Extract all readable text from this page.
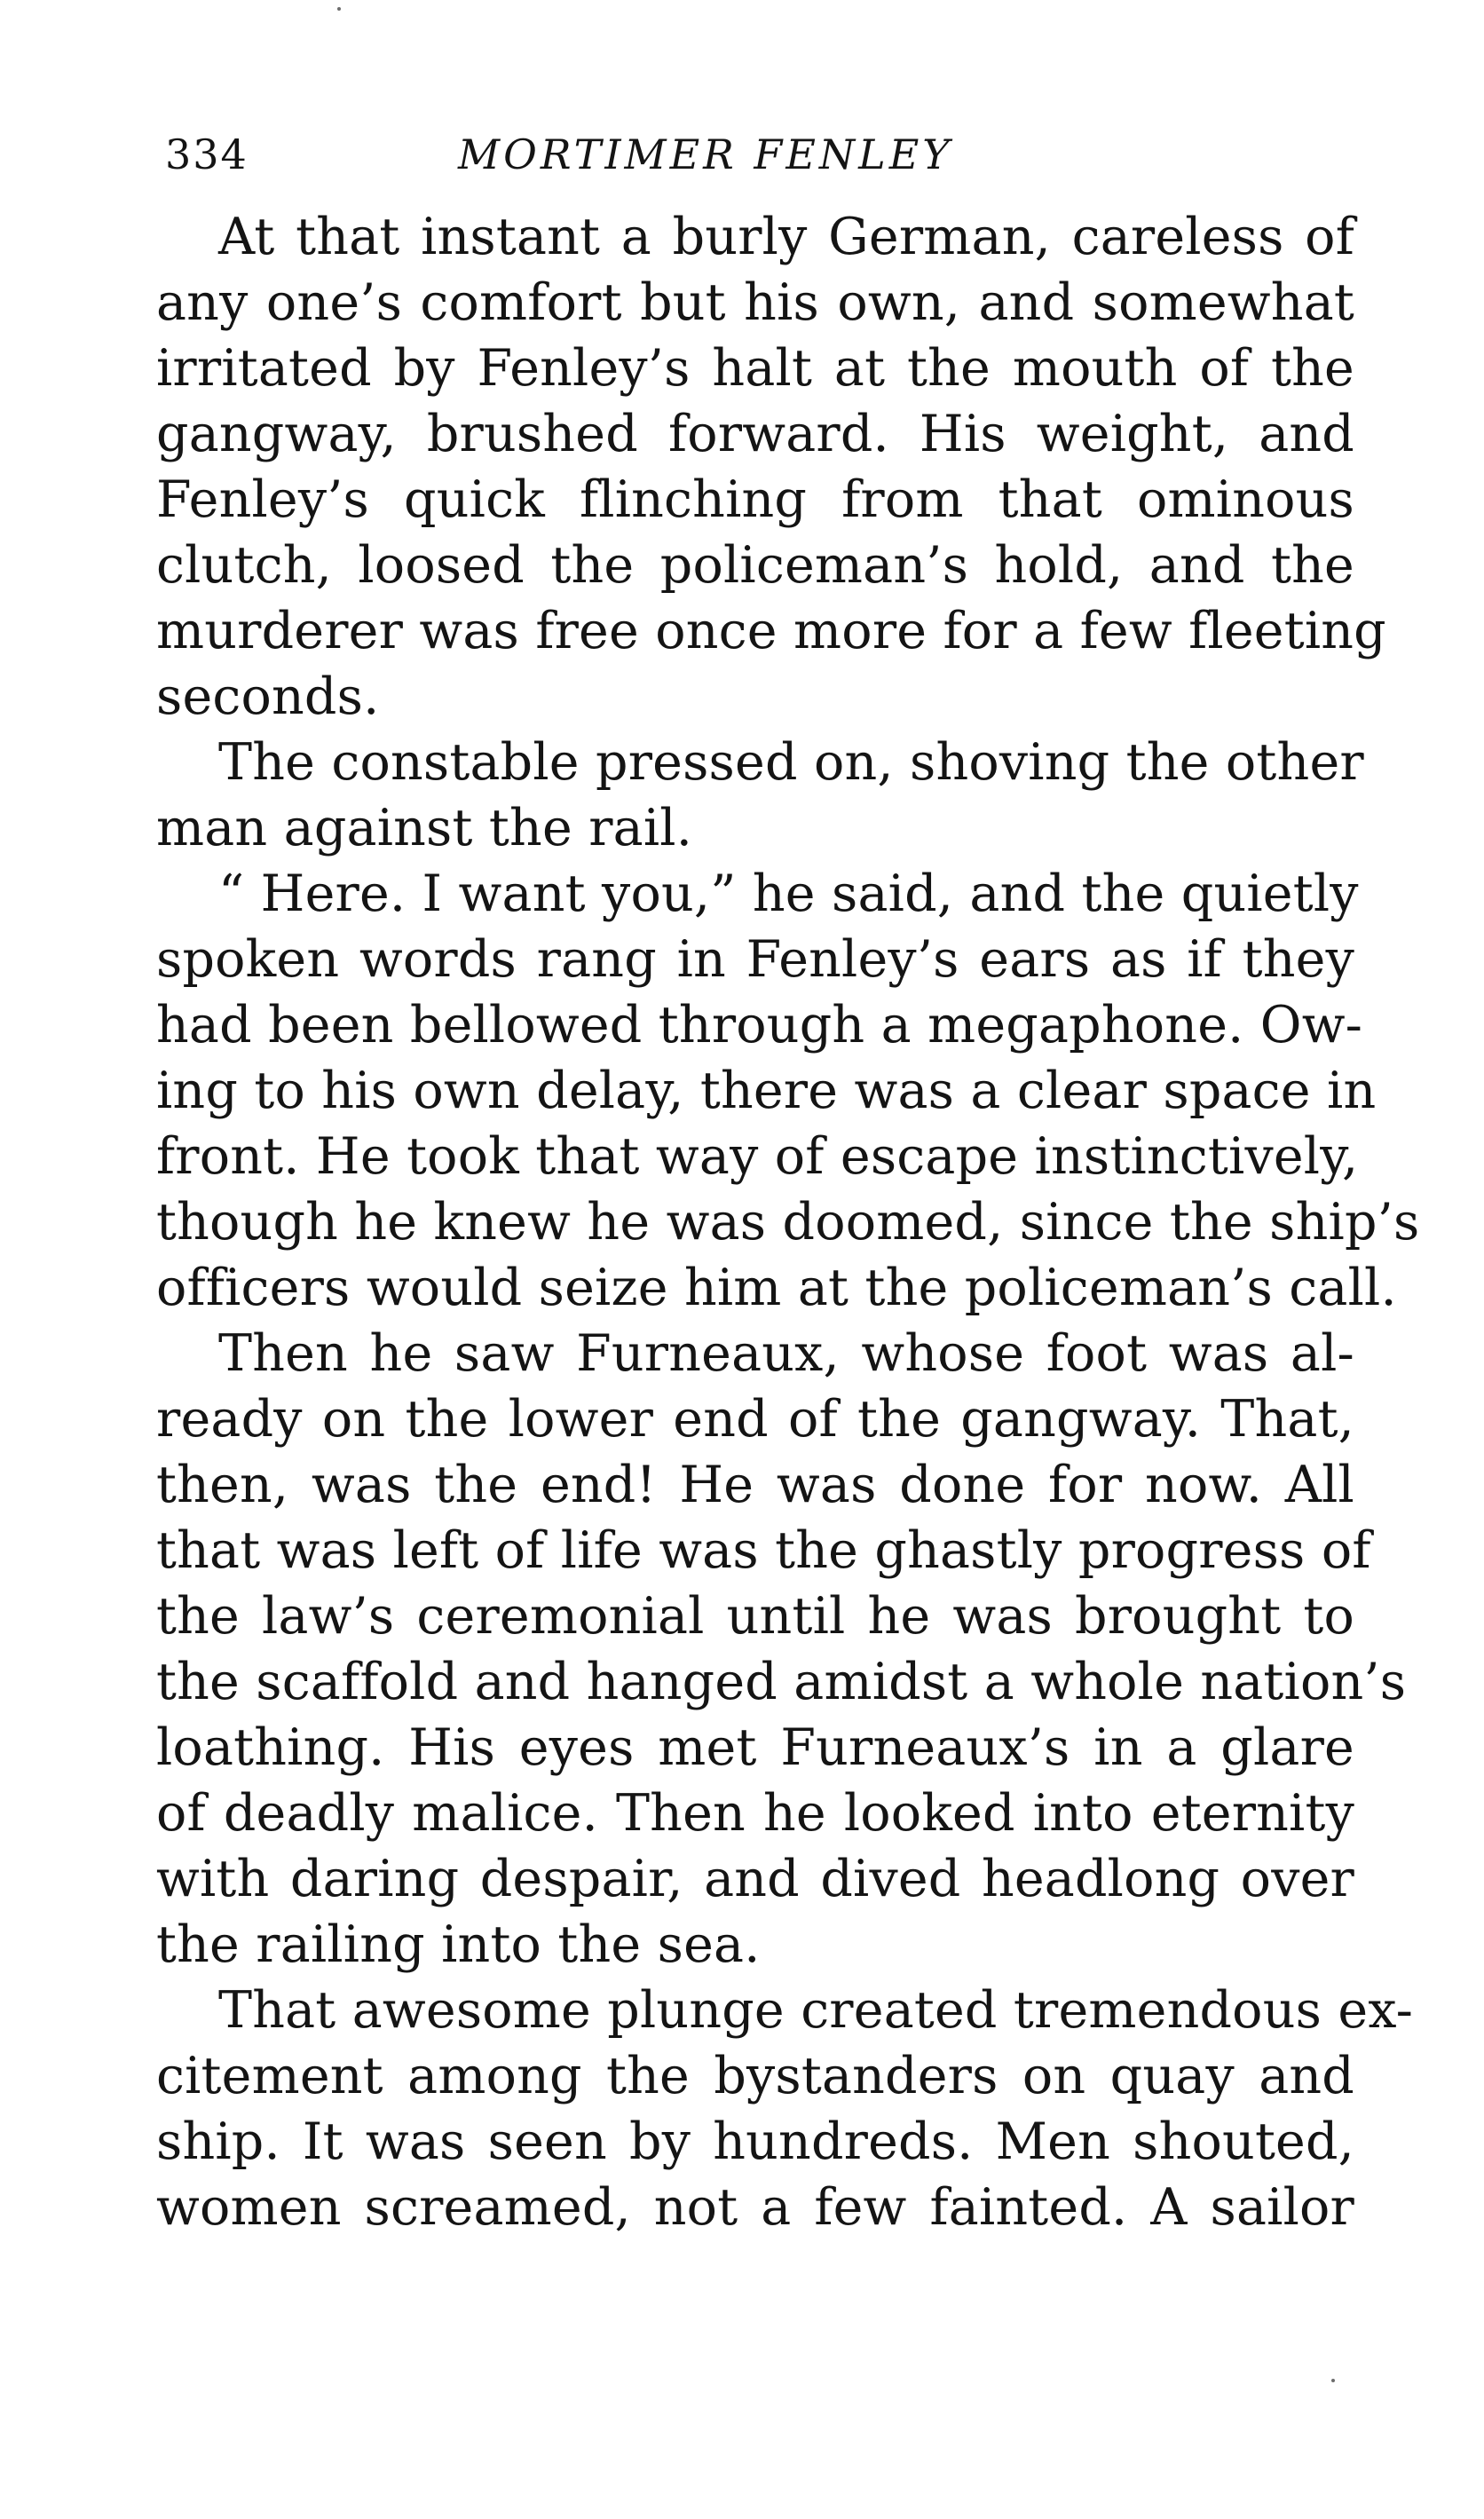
334	MORTIMER FENLEY
At that instant a burly German, careless of
any one’s comfort but his own, and somewhat
irritated by Fenley’s halt at the mouth of the
gangway, brushed forward. His weight, and
Fenley’s quick flinching from that ominous
clutch, loosed the policeman’s hold, and the
murderer was free once more for a few fleeting
seconds.
The constable pressed on, shoving the other
man against the rail.
“ Here. I want you,” he said, and the quietly
spoken words rang in Fenley’s ears as if they
had been bellowed through a megaphone. Ow-
ing to his own delay, there was a clear space in
front. He took that way of escape instinctively,
though he knew he was doomed, since the ship’s
officers would seize him at the policeman’s call.
Then he saw Furneaux, whose foot was al-
ready on the lower end of the gangway. That,
then, was the end! He was done for now. All
that was left of life was the ghastly progress of
the law’s ceremonial until he was brought to
the scaffold and hanged amidst a whole nation’s
loathing. His eyes met Furneaux’s in a glare
of deadly malice. Then he looked into eternity
with daring despair, and dived headlong over
the railing into the sea.
That awesome plunge created tremendous ex-
citement among the bystanders on quay and
ship. It was seen by hundreds. Men shouted,
women screamed, not a few fainted. A sailor
